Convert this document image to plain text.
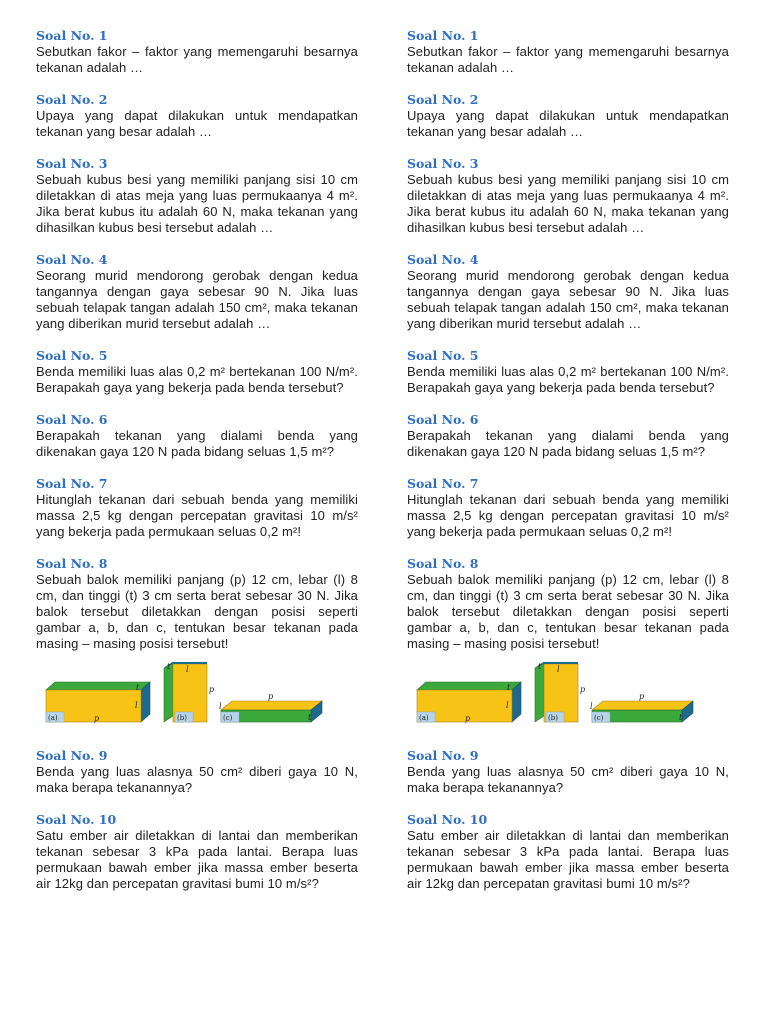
Soal No. 1
Sebutkan fakor – faktor yang memengaruhi besarnya tekanan adalah …
Soal No. 2
Upaya yang dapat dilakukan untuk mendapatkan tekanan yang besar adalah …
Soal No. 3
Sebuah kubus besi yang memiliki panjang sisi 10 cm diletakkan di atas meja yang luas permukaanya 4 m². Jika berat kubus itu adalah 60 N, maka tekanan yang dihasilkan kubus besi tersebut adalah …
Soal No. 4
Seorang murid mendorong gerobak dengan kedua tangannya dengan gaya sebesar 90 N. Jika luas sebuah telapak tangan adalah 150 cm², maka tekanan yang diberikan murid tersebut adalah …
Soal No. 5
Benda memiliki luas alas 0,2 m² bertekanan 100 N/m². Berapakah gaya yang bekerja pada benda tersebut?
Soal No. 6
Berapakah tekanan yang dialami benda yang dikenakan gaya 120 N pada bidang seluas 1,5 m²?
Soal No. 7
Hitunglah tekanan dari sebuah benda yang memiliki massa 2,5 kg dengan percepatan gravitasi 10 m/s² yang bekerja pada permukaan seluas 0,2 m²!
Soal No. 8
Sebuah balok memiliki panjang (p) 12 cm, lebar (l) 8 cm, dan tinggi (t) 3 cm serta berat sebesar 30 N. Jika balok tersebut diletakkan dengan posisi seperti gambar a, b, dan c, tentukan besar tekanan pada masing – masing posisi tersebut!
(a)	p
l
t
(b)
t l
p
(c)
p
l
t
Soal No. 9
Benda yang luas alasnya 50 cm² diberi gaya 10 N, maka berapa tekanannya?
Soal No. 10
Satu ember air diletakkan di lantai dan memberikan tekanan sebesar 3 kPa pada lantai. Berapa luas permukaan bawah ember jika massa ember beserta air 12kg dan percepatan gravitasi bumi 10 m/s²?
Soal No. 1
Sebutkan fakor – faktor yang memengaruhi besarnya tekanan adalah …
Soal No. 2
Upaya yang dapat dilakukan untuk mendapatkan tekanan yang besar adalah …
Soal No. 3
Sebuah kubus besi yang memiliki panjang sisi 10 cm diletakkan di atas meja yang luas permukaanya 4 m². Jika berat kubus itu adalah 60 N, maka tekanan yang dihasilkan kubus besi tersebut adalah …
Soal No. 4
Seorang murid mendorong gerobak dengan kedua tangannya dengan gaya sebesar 90 N. Jika luas sebuah telapak tangan adalah 150 cm², maka tekanan yang diberikan murid tersebut adalah …
Soal No. 5
Benda memiliki luas alas 0,2 m² bertekanan 100 N/m². Berapakah gaya yang bekerja pada benda tersebut?
Soal No. 6
Berapakah tekanan yang dialami benda yang dikenakan gaya 120 N pada bidang seluas 1,5 m²?
Soal No. 7
Hitunglah tekanan dari sebuah benda yang memiliki massa 2,5 kg dengan percepatan gravitasi 10 m/s² yang bekerja pada permukaan seluas 0,2 m²!
Soal No. 8
Sebuah balok memiliki panjang (p) 12 cm, lebar (l) 8 cm, dan tinggi (t) 3 cm serta berat sebesar 30 N. Jika balok tersebut diletakkan dengan posisi seperti gambar a, b, dan c, tentukan besar tekanan pada masing – masing posisi tersebut!
(a)	p
l
t
(b)
t l
p
(c)
p
l
t
Soal No. 9
Benda yang luas alasnya 50 cm² diberi gaya 10 N, maka berapa tekanannya?
Soal No. 10
Satu ember air diletakkan di lantai dan memberikan tekanan sebesar 3 kPa pada lantai. Berapa luas permukaan bawah ember jika massa ember beserta air 12kg dan percepatan gravitasi bumi 10 m/s²?
